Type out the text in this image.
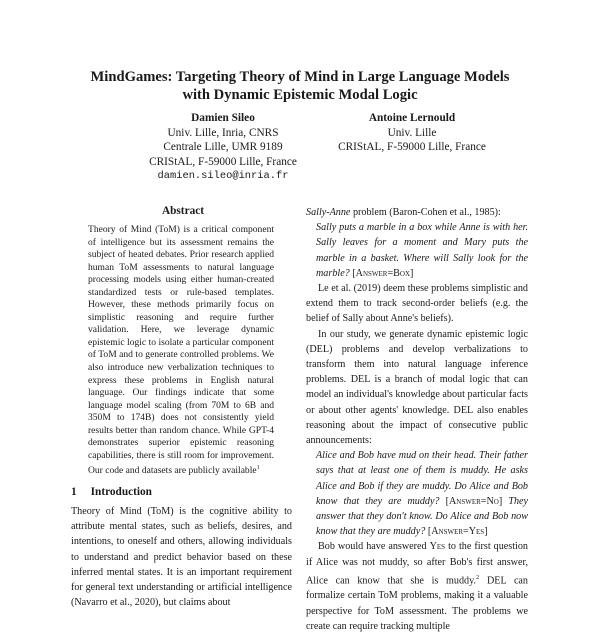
MindGames: Targeting Theory of Mind in Large Language Models
with Dynamic Epistemic Modal Logic
Damien Sileo
Univ. Lille, Inria, CNRS
Centrale Lille, UMR 9189
CRIStAL, F-59000 Lille, France
damien.sileo@inria.fr
Antoine Lernould
Univ. Lille
CRIStAL, F-59000 Lille, France
Abstract
Theory of Mind (ToM) is a critical component of intelligence but its assessment remains the subject of heated debates. Prior research applied human ToM assessments to natural language processing models using either human-created standardized tests or rule-based templates. However, these methods primarily focus on simplistic reasoning and require further validation. Here, we leverage dynamic epistemic logic to isolate a particular component of ToM and to generate controlled problems. We also introduce new verbalization techniques to express these problems in English natural language. Our findings indicate that some language model scaling (from 70M to 6B and 350M to 174B) does not consistently yield results better than random chance. While GPT-4 demonstrates superior epistemic reasoning capabilities, there is still room for improvement. Our code and datasets are publicly available$^1$
1 Introduction
Theory of Mind (ToM) is the cognitive ability to attribute mental states, such as beliefs, desires, and intentions, to oneself and others, allowing individuals to understand and predict behavior based on these inferred mental states. It is an important requirement for general text understanding or artificial intelligence (Navarro et al., 2020), but claims about

Sally-Anne problem (Baron-Cohen et al., 1985):

Sally puts a marble in a box while Anne is with her. Sally leaves for a moment and Mary puts the marble in a basket. Where will Sally look for the marble? [Answer=Box]

Le et al. (2019) deem these problems simplistic and extend them to track second-order beliefs (e.g. the belief of Sally about Anne's beliefs).

In our study, we generate dynamic epistemic logic (DEL) problems and develop verbalizations to transform them into natural language inference problems. DEL is a branch of modal logic that can model an individual's knowledge about particular facts or about other agents' knowledge. DEL also enables reasoning about the impact of consecutive public announcements:

Alice and Bob have mud on their head. Their father says that at least one of them is muddy. He asks Alice and Bob if they are muddy. Do Alice and Bob know that they are muddy? [Answer=No] They answer that they don't know. Do Alice and Bob now know that they are muddy? [Answer=Yes]

Bob would have answered Yes to the first question if Alice was not muddy, so after Bob's first answer, Alice can know that she is muddy.$^2$ DEL can formalize certain ToM problems, making it a valuable perspective for ToM assessment. The problems we create can require tracking multiple
